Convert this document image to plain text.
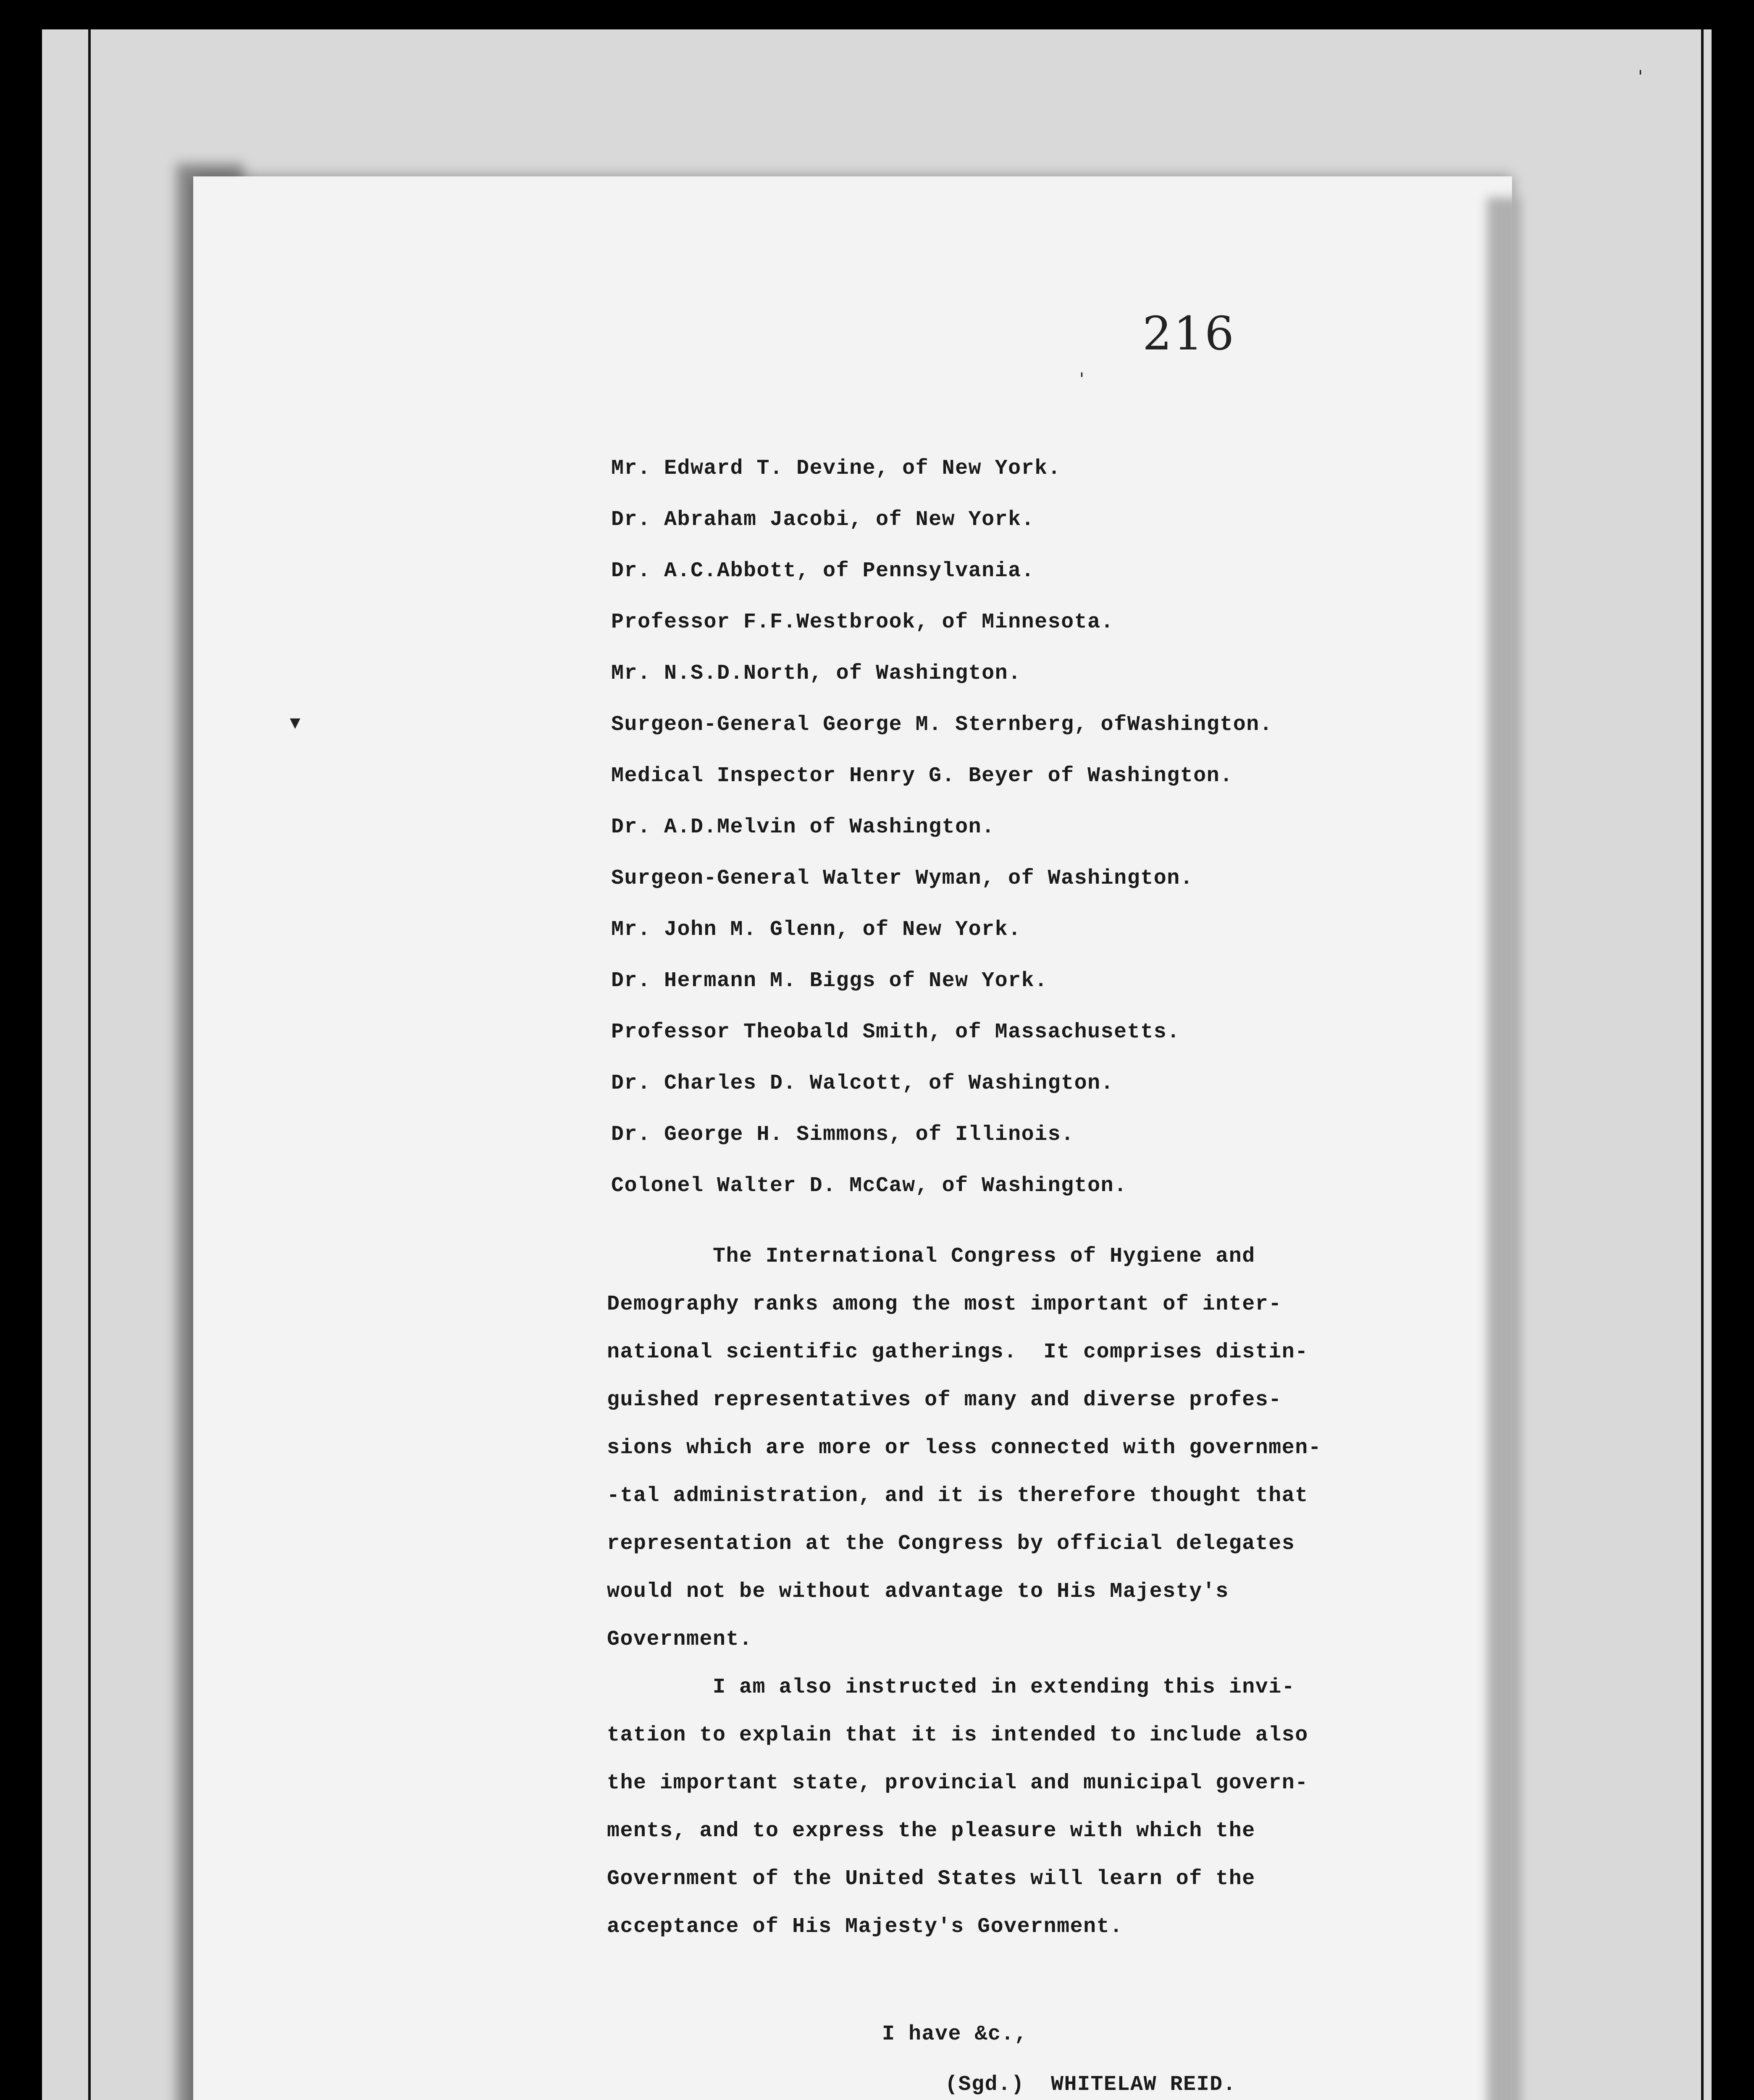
216
Mr. Edward T. Devine, of New York.
Dr. Abraham Jacobi, of New York.
Dr. A.C.Abbott, of Pennsylvania.
Professor F.F.Westbrook, of Minnesota.
Mr. N.S.D.North, of Washington.
Surgeon-General George M. Sternberg, ofWashington.
Medical Inspector Henry G. Beyer of Washington.
Dr. A.D.Melvin of Washington.
Surgeon-General Walter Wyman, of Washington.
Mr. John M. Glenn, of New York.
Dr. Hermann M. Biggs of New York.
Professor Theobald Smith, of Massachusetts.
Dr. Charles D. Walcott, of Washington.
Dr. George H. Simmons, of Illinois.
Colonel Walter D. McCaw, of Washington.
The International Congress of Hygiene and
Demography ranks among the most important of inter-
national scientific gatherings.  It comprises distin-
guished representatives of many and diverse profes-
sions which are more or less connected with governmen-
-tal administration, and it is therefore thought that
representation at the Congress by official delegates
would not be without advantage to His Majesty's
Government.
I am also instructed in extending this invi-
tation to explain that it is intended to include also
the important state, provincial and municipal govern-
ments, and to express the pleasure with which the
Government of the United States will learn of the
acceptance of His Majesty's Government.
I have &c.,
(Sgd.)  WHITELAW REID.
▾
'
'
